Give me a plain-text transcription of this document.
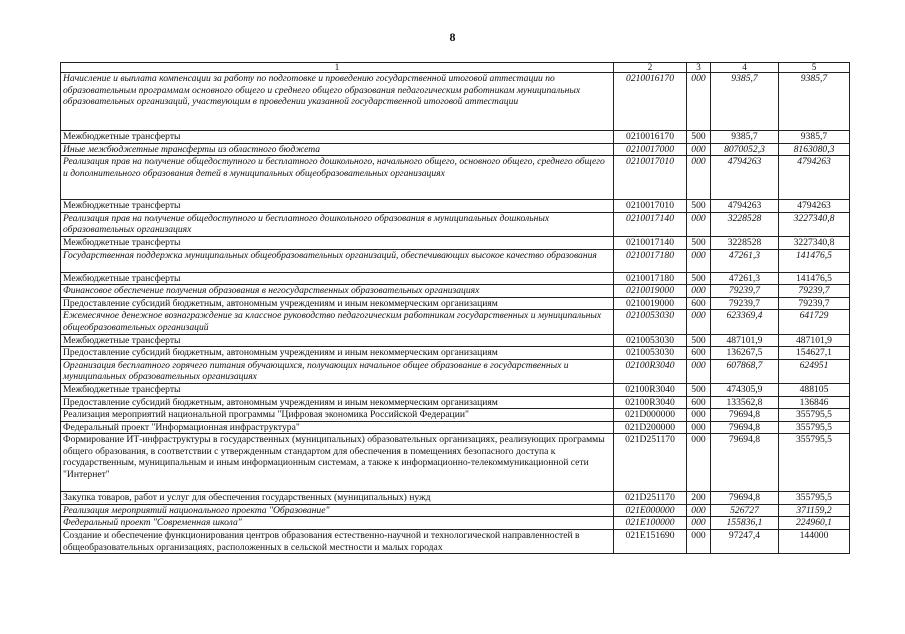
8
1	2	3	4	5
Начисление и выплата компенсации за работу по подготовке и проведению государственной итоговой аттестации по образовательным программам основного общего и среднего общего образования педагогическим работникам муниципальных образовательных организаций, участвующим в проведении указанной государственной итоговой аттестации	0210016170	000	9385,7	9385,7
Межбюджетные трансферты	0210016170	500	9385,7	9385,7
Иные межбюджетные трансферты из областного бюджета	0210017000	000	8070052,3	8163080,3
Реализация прав на получение общедоступного и бесплатного дошкольного, начального общего, основного общего, среднего общего и дополнительного образования детей в муниципальных общеобразовательных организациях	0210017010	000	4794263	4794263
Межбюджетные трансферты	0210017010	500	4794263	4794263
Реализация прав на получение общедоступного и бесплатного дошкольного образования в муниципальных дошкольных образовательных организациях	0210017140	000	3228528	3227340,8
Межбюджетные трансферты	0210017140	500	3228528	3227340,8
Государственная поддержка муниципальных общеобразовательных организаций, обеспечивающих высокое качество образования	0210017180	000	47261,3	141476,5
Межбюджетные трансферты	0210017180	500	47261,3	141476,5
Финансовое обеспечение получения образования в негосударственных образовательных организациях	0210019000	000	79239,7	79239,7
Предоставление субсидий бюджетным, автономным учреждениям и иным некоммерческим организациям	0210019000	600	79239,7	79239,7
Ежемесячное денежное вознаграждение за классное руководство педагогическим работникам государственных и муниципальных общеобразовательных организаций	0210053030	000	623369,4	641729
Межбюджетные трансферты	0210053030	500	487101,9	487101,9
Предоставление субсидий бюджетным, автономным учреждениям и иным некоммерческим организациям	0210053030	600	136267,5	154627,1
Организация бесплатного горячего питания обучающихся, получающих начальное общее образование в государственных и муниципальных образовательных организациях	02100R3040	000	607868,7	624951
Межбюджетные трансферты	02100R3040	500	474305,9	488105
Предоставление субсидий бюджетным, автономным учреждениям и иным некоммерческим организациям	02100R3040	600	133562,8	136846
Реализация мероприятий национальной программы "Цифровая экономика Российской Федерации"	021D000000	000	79694,8	355795,5
Федеральный проект "Информационная инфраструктура"	021D200000	000	79694,8	355795,5
Формирование ИТ-инфраструктуры в государственных (муниципальных) образовательных организациях, реализующих программы общего образования, в соответствии с утвержденным стандартом для обеспечения в помещениях безопасного доступа к государственным, муниципальным и иным информационным системам, а также к информационно-телекоммуникационной сети "Интернет"	021D251170	000	79694,8	355795,5
Закупка товаров, работ и услуг для обеспечения государственных (муниципальных) нужд	021D251170	200	79694,8	355795,5
Реализация мероприятий национального проекта "Образование"	021E000000	000	526727	371159,2
Федеральный проект "Современная школа"	021E100000	000	155836,1	224960,1
Создание и обеспечение функционирования центров образования естественно-научной и технологической направленностей в общеобразовательных организациях, расположенных в сельской местности и малых городах	021E151690	000	97247,4	144000
